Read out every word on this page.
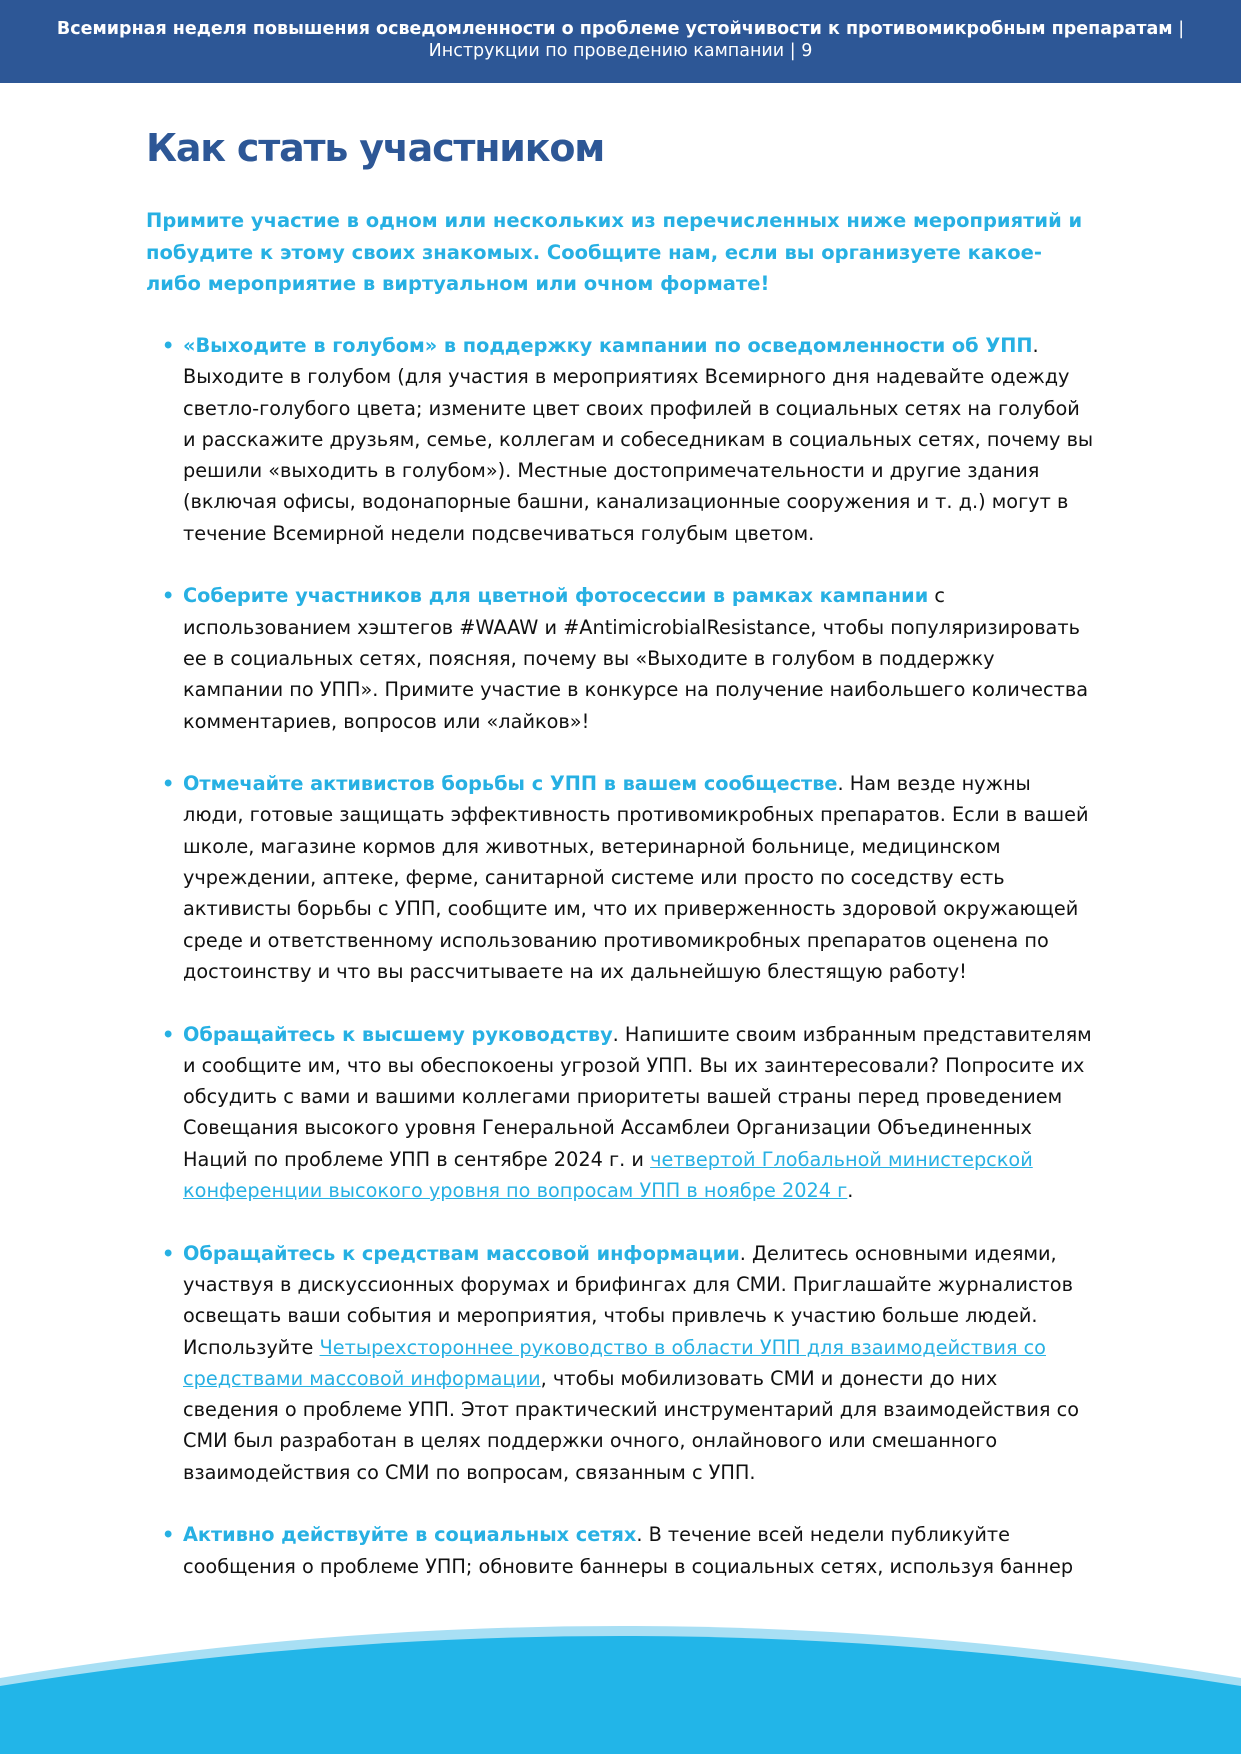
Всемирная неделя повышения осведомленности о проблеме устойчивости к противомикробным препаратам | Инструкции по проведению кампании | 9
Как стать участником

Примите участие в одном или нескольких из перечисленных ниже мероприятий и побудите к этому своих знакомых. Сообщите нам, если вы организуете какое-либо мероприятие в виртуальном или очном формате!

• «Выходите в голубом» в поддержку кампании по осведомленности об УПП. Выходите в голубом (для участия в мероприятиях Всемирного дня надевайте одежду светло-голубого цвета; измените цвет своих профилей в социальных сетях на голубой и расскажите друзьям, семье, коллегам и собеседникам в социальных сетях, почему вы решили «выходить в голубом»). Местные достопримечательности и другие здания (включая офисы, водонапорные башни, канализационные сооружения и т. д.) могут в течение Всемирной недели подсвечиваться голубым цветом.
• Соберите участников для цветной фотосессии в рамках кампании с использованием хэштегов #WAAW и #AntimicrobialResistance, чтобы популяризировать ее в социальных сетях, поясняя, почему вы «Выходите в голубом в поддержку кампании по УПП». Примите участие в конкурсе на получение наибольшего количества комментариев, вопросов или «лайков»!
• Отмечайте активистов борьбы с УПП в вашем сообществе. Нам везде нужны люди, готовые защищать эффективность противомикробных препаратов. Если в вашей школе, магазине кормов для животных, ветеринарной больнице, медицинском учреждении, аптеке, ферме, санитарной системе или просто по соседству есть активисты борьбы с УПП, сообщите им, что их приверженность здоровой окружающей среде и ответственному использованию противомикробных препаратов оценена по достоинству и что вы рассчитываете на их дальнейшую блестящую работу!
• Обращайтесь к высшему руководству. Напишите своим избранным представителям и сообщите им, что вы обеспокоены угрозой УПП. Вы их заинтересовали? Попросите их обсудить с вами и вашими коллегами приоритеты вашей страны перед проведением Совещания высокого уровня Генеральной Ассамблеи Организации Объединенных Наций по проблеме УПП в сентябре 2024 г. и четвертой Глобальной министерской конференции высокого уровня по вопросам УПП в ноябре 2024 г.
• Обращайтесь к средствам массовой информации. Делитесь основными идеями, участвуя в дискуссионных форумах и брифингах для СМИ. Приглашайте журналистов освещать ваши события и мероприятия, чтобы привлечь к участию больше людей. Используйте Четырехстороннее руководство в области УПП для взаимодействия со средствами массовой информации, чтобы мобилизовать СМИ и донести до них сведения о проблеме УПП. Этот практический инструментарий для взаимодействия со СМИ был разработан в целях поддержки очного, онлайнового или смешанного взаимодействия со СМИ по вопросам, связанным с УПП.
• Активно действуйте в социальных сетях. В течение всей недели публикуйте сообщения о проблеме УПП; обновите баннеры в социальных сетях, используя баннер
